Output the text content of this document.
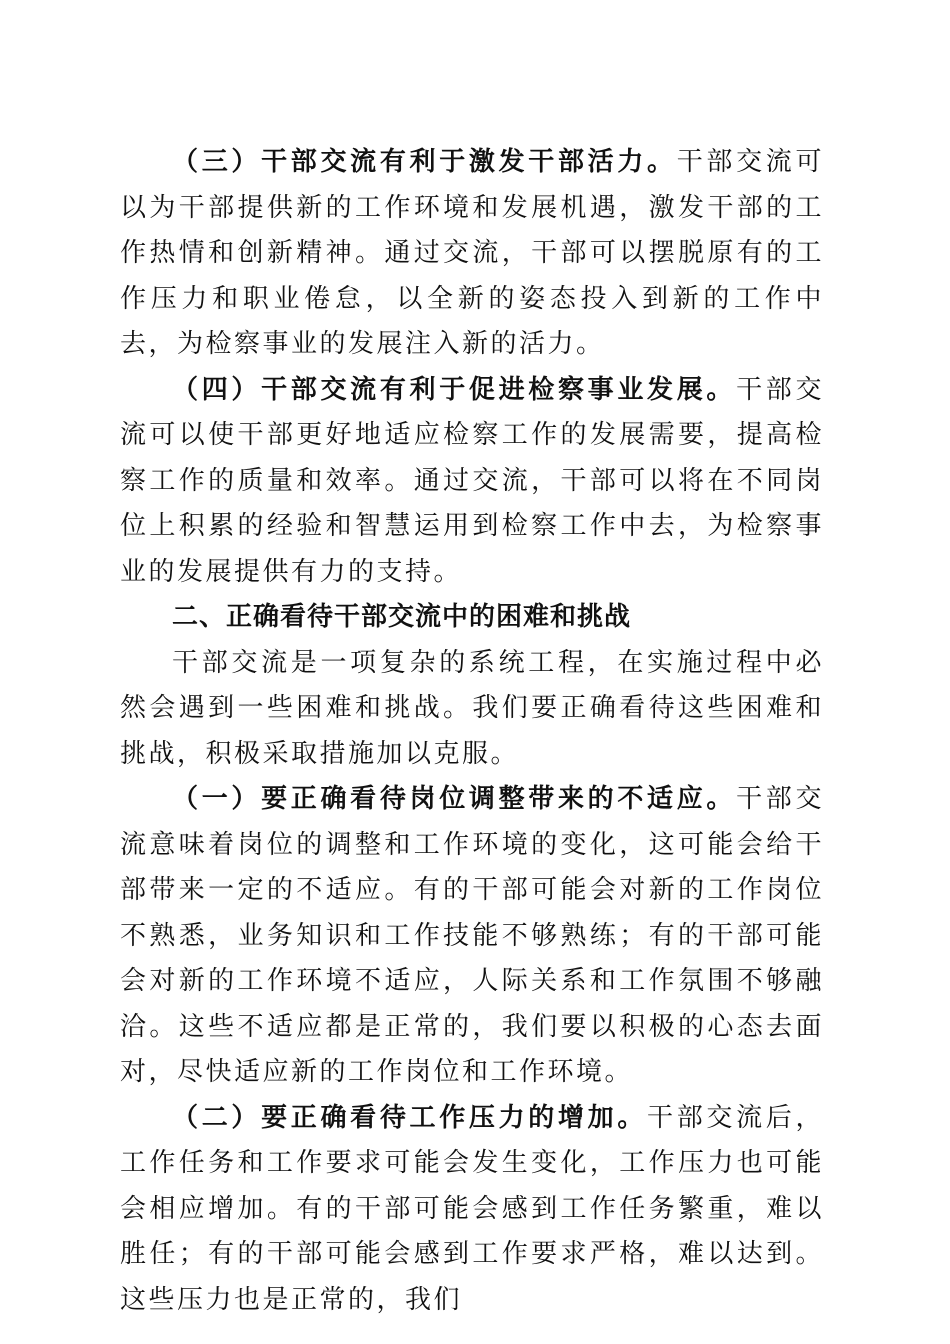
（三）干部交流有利于激发干部活力。干部交流可以为干部提供新的工作环境和发展机遇，激发干部的工作热情和创新精神。通过交流，干部可以摆脱原有的工作压力和职业倦怠，以全新的姿态投入到新的工作中去，为检察事业的发展注入新的活力。

（四）干部交流有利于促进检察事业发展。干部交流可以使干部更好地适应检察工作的发展需要，提高检察工作的质量和效率。通过交流，干部可以将在不同岗位上积累的经验和智慧运用到检察工作中去，为检察事业的发展提供有力的支持。

二、正确看待干部交流中的困难和挑战

干部交流是一项复杂的系统工程，在实施过程中必然会遇到一些困难和挑战。我们要正确看待这些困难和挑战，积极采取措施加以克服。

（一）要正确看待岗位调整带来的不适应。干部交流意味着岗位的调整和工作环境的变化，这可能会给干部带来一定的不适应。有的干部可能会对新的工作岗位不熟悉，业务知识和工作技能不够熟练；有的干部可能会对新的工作环境不适应，人际关系和工作氛围不够融洽。这些不适应都是正常的，我们要以积极的心态去面对，尽快适应新的工作岗位和工作环境。

（二）要正确看待工作压力的增加。干部交流后，工作任务和工作要求可能会发生变化，工作压力也可能会相应增加。有的干部可能会感到工作任务繁重，难以胜任；有的干部可能会感到工作要求严格，难以达到。这些压力也是正常的，我们
